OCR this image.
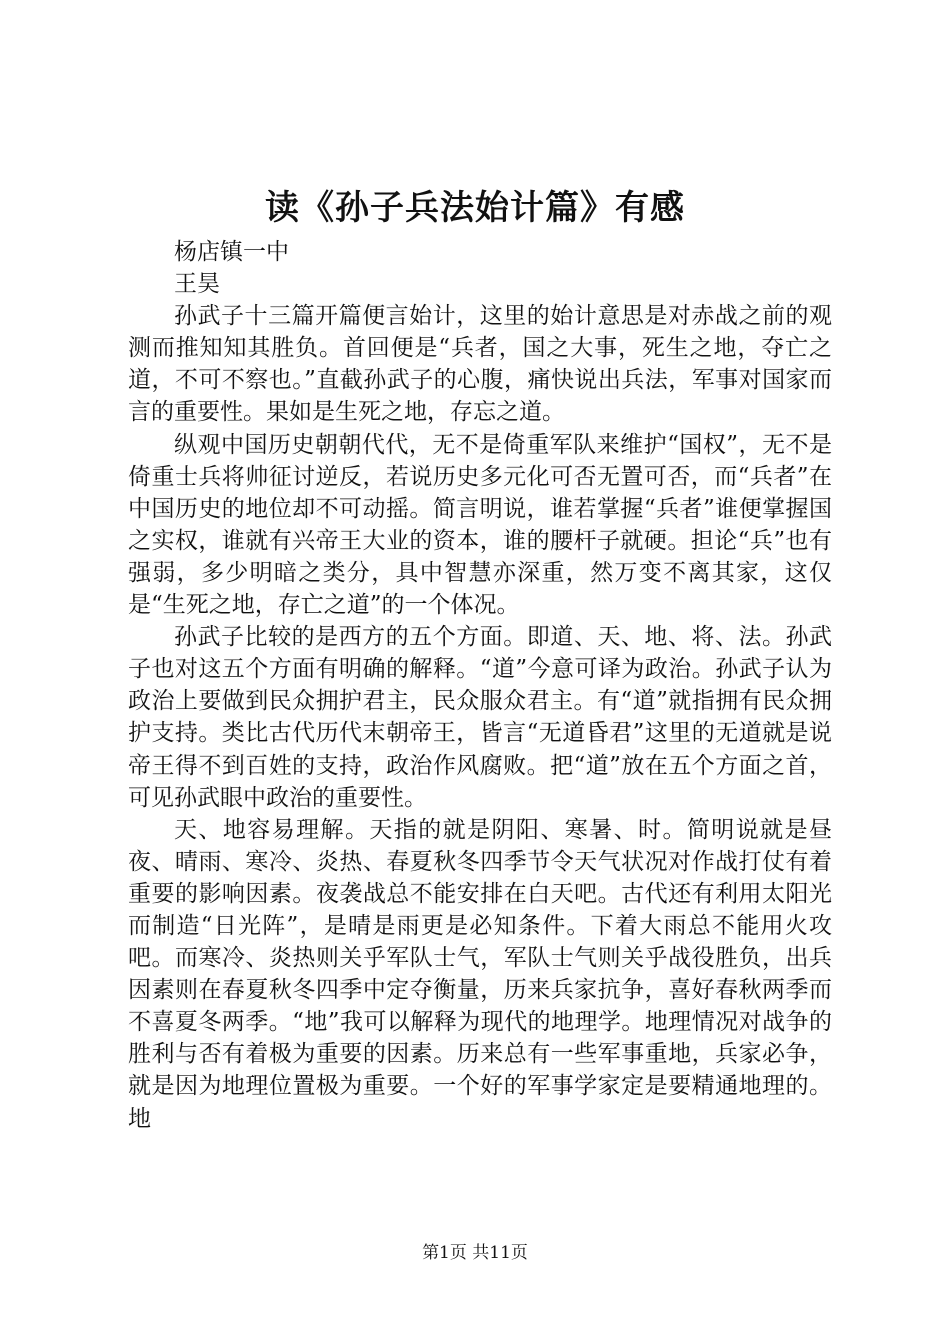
读《孙子兵法始计篇》有感

杨店镇一中

王昊

孙武子十三篇开篇便言始计，这里的始计意思是对赤战之前的观测而推知知其胜负。首回便是“兵者，国之大事，死生之地，夺亡之道，不可不察也。”直截孙武子的心腹，痛快说出兵法，军事对国家而言的重要性。果如是生死之地，存忘之道。

纵观中国历史朝朝代代，无不是倚重军队来维护“国权”，无不是倚重士兵将帅征讨逆反，若说历史多元化可否无置可否，而“兵者”在中国历史的地位却不可动摇。简言明说，谁若掌握“兵者”谁便掌握国之实权，谁就有兴帝王大业的资本，谁的腰杆子就硬。担论“兵”也有强弱，多少明暗之类分，具中智慧亦深重，然万变不离其家，这仅是“生死之地，存亡之道”的一个体况。

孙武子比较的是西方的五个方面。即道、天、地、将、法。孙武子也对这五个方面有明确的解释。“道”今意可译为政治。孙武子认为政治上要做到民众拥护君主，民众服众君主。有“道”就指拥有民众拥护支持。类比古代历代末朝帝王，皆言“无道昏君”这里的无道就是说帝王得不到百姓的支持，政治作风腐败。把“道”放在五个方面之首，可见孙武眼中政治的重要性。

天、地容易理解。天指的就是阴阳、寒暑、时。简明说就是昼夜、晴雨、寒冷、炎热、春夏秋冬四季节令天气状况对作战打仗有着重要的影响因素。夜袭战总不能安排在白天吧。古代还有利用太阳光而制造“日光阵”，是晴是雨更是必知条件。下着大雨总不能用火攻吧。而寒冷、炎热则关乎军队士气，军队士气则关乎战役胜负，出兵因素则在春夏秋冬四季中定夺衡量，历来兵家抗争，喜好春秋两季而不喜夏冬两季。“地”我可以解释为现代的地理学。地理情况对战争的胜利与否有着极为重要的因素。历来总有一些军事重地，兵家必争，就是因为地理位置极为重要。一个好的军事学家定是要精通地理的。地

第1页 共11页
